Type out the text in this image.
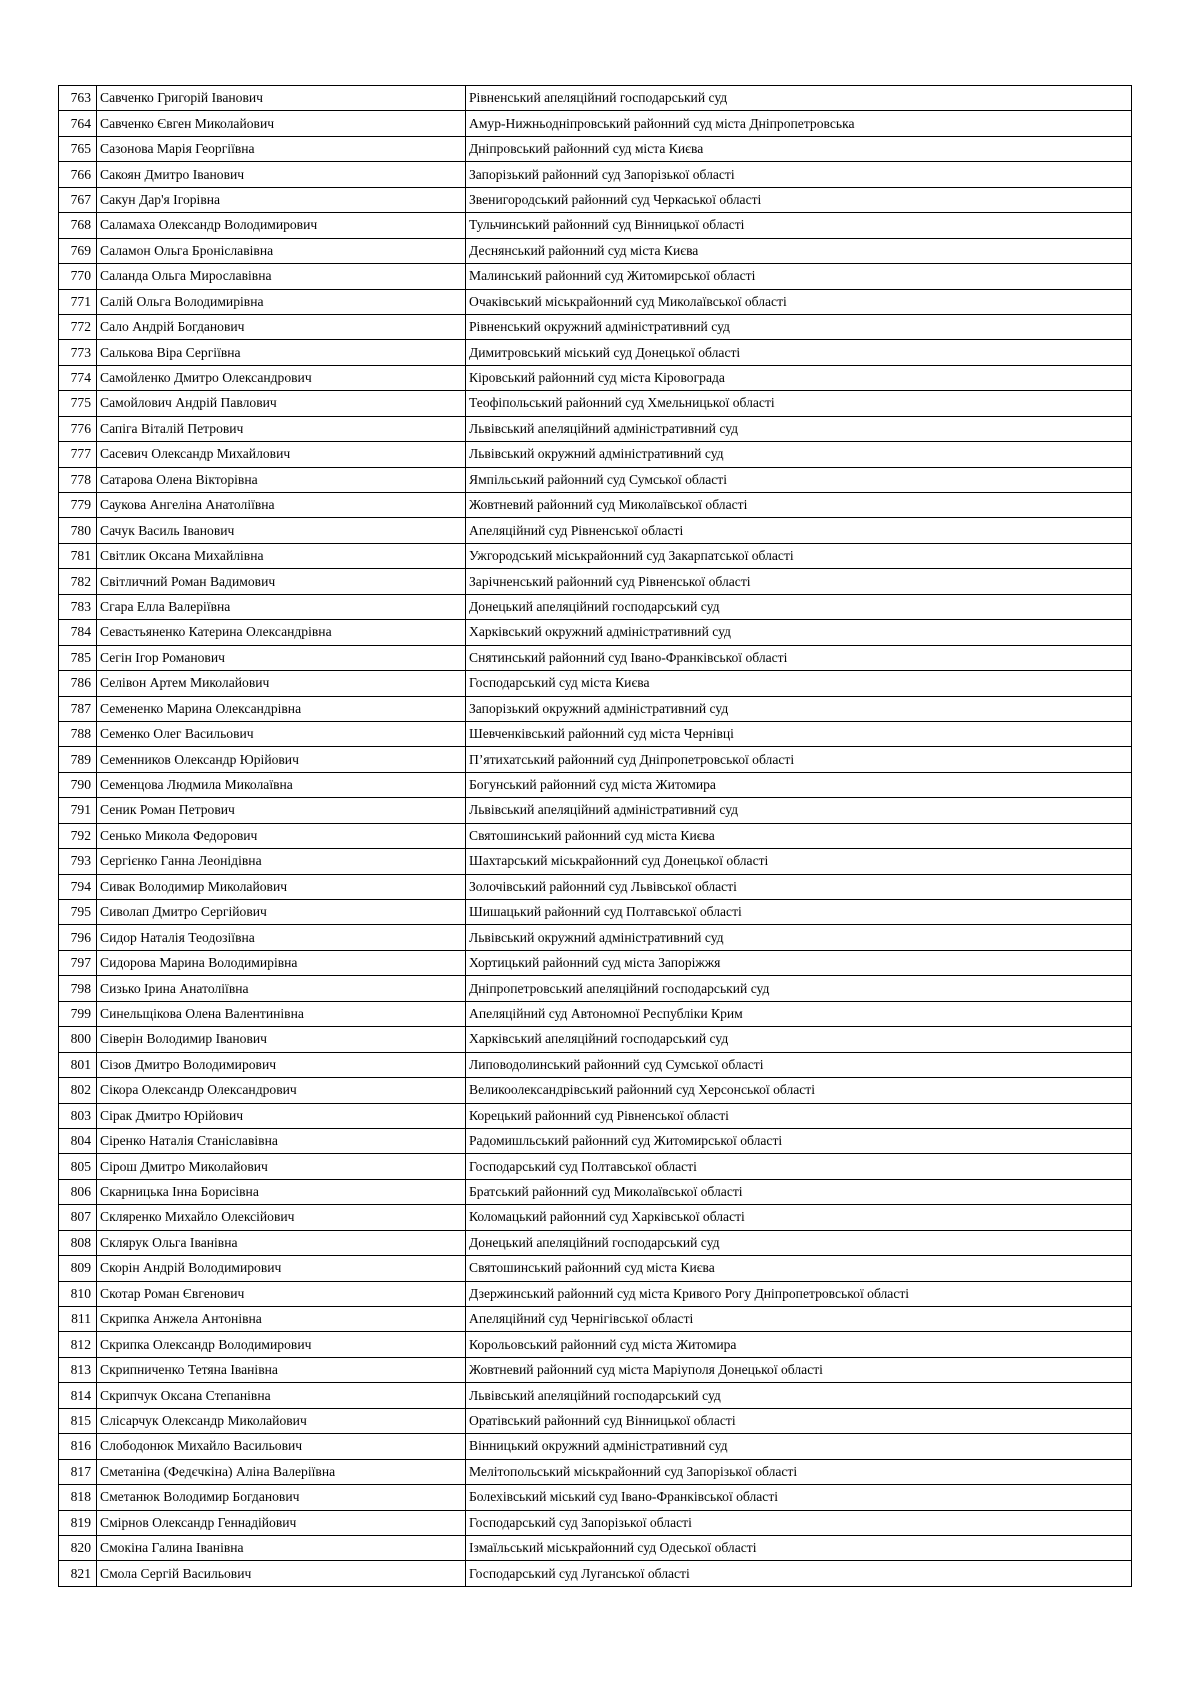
763	Савченко Григорій Іванович	Рівненський апеляційний господарський суд
764	Савченко Євген Миколайович	Амур-Нижньодніпровський районний суд міста Дніпропетровська
765	Сазонова Марія Георгіївна	Дніпровський районний суд міста Києва
766	Сакоян Дмитро Іванович	Запорізький районний суд Запорізької області
767	Сакун Дар'я Ігорівна	Звенигородський районний суд Черкаської області
768	Саламаха Олександр Володимирович	Тульчинський районний суд Вінницької області
769	Саламон Ольга Броніславівна	Деснянський районний суд міста Києва
770	Саланда Ольга Мирославівна	Малинський районний суд Житомирської області
771	Салій Ольга Володимирівна	Очаківський міськрайонний суд Миколаївської області
772	Сало Андрій Богданович	Рівненський окружний адміністративний суд
773	Салькова Віра Сергіївна	Димитровський міський суд Донецької області
774	Самойленко Дмитро Олександрович	Кіровський районний суд міста Кіровограда
775	Самойлович Андрій Павлович	Теофіпольський районний суд Хмельницької області
776	Сапіга Віталій Петрович	Львівський апеляційний адміністративний суд
777	Сасевич Олександр Михайлович	Львівський окружний адміністративний суд
778	Сатарова Олена Вікторівна	Ямпільський районний суд Сумської області
779	Саукова Ангеліна Анатоліївна	Жовтневий районний суд Миколаївської області
780	Сачук Василь Іванович	Апеляційний суд Рівненської області
781	Світлик Оксана Михайлівна	Ужгородський міськрайонний суд Закарпатської області
782	Світличний Роман Вадимович	Зарічненський районний суд Рівненської області
783	Сгара Елла Валеріївна	Донецький апеляційний господарський суд
784	Севастьяненко Катерина Олександрівна	Харківський окружний адміністративний суд
785	Сегін Ігор Романович	Снятинський районний суд Івано-Франківської області
786	Селівон Артем Миколайович	Господарський суд міста Києва
787	Семененко Марина Олександрівна	Запорізький окружний адміністративний суд
788	Семенко Олег Васильович	Шевченківський районний суд міста Чернівці
789	Семенников Олександр Юрійович	П’ятихатський районний суд Дніпропетровської області
790	Семенцова Людмила Миколаївна	Богунський районний суд міста Житомира
791	Сеник Роман Петрович	Львівський апеляційний адміністративний суд
792	Сенько Микола Федорович	Святошинський районний суд міста Києва
793	Сергієнко Ганна Леонідівна	Шахтарський міськрайонний суд Донецької області
794	Сивак Володимир Миколайович	Золочівський районний суд Львівської області
795	Сиволап Дмитро Сергійович	Шишацький районний суд Полтавської області
796	Сидор Наталія Теодозіївна	Львівський окружний адміністративний суд
797	Сидорова Марина Володимирівна	Хортицький районний суд міста Запоріжжя
798	Сизько Ірина Анатоліївна	Дніпропетровський апеляційний господарський суд
799	Синельщікова Олена Валентинівна	Апеляційний суд Автономної Республіки Крим
800	Сіверін Володимир Іванович	Харківський апеляційний господарський суд
801	Сізов Дмитро Володимирович	Липоводолинський районний суд Сумської області
802	Сікора Олександр Олександрович	Великоолександрівський районний суд Херсонської області
803	Сірак Дмитро Юрійович	Корецький районний суд Рівненської області
804	Сіренко Наталія Станіславівна	Радомишльський районний суд Житомирської області
805	Сірош Дмитро Миколайович	Господарський суд Полтавської області
806	Скарницька Інна Борисівна	Братський районний суд Миколаївської області
807	Скляренко Михайло Олексійович	Коломацький районний суд Харківської області
808	Склярук Ольга Іванівна	Донецький апеляційний господарський суд
809	Скорін Андрій Володимирович	Святошинський районний суд міста Києва
810	Скотар Роман Євгенович	Дзержинський районний суд міста Кривого Рогу Дніпропетровської області
811	Скрипка Анжела Антонівна	Апеляційний суд Чернігівської області
812	Скрипка Олександр Володимирович	Корольовський районний суд міста Житомира
813	Скрипниченко Тетяна Іванівна	Жовтневий районний суд міста Маріуполя Донецької області
814	Скрипчук Оксана Степанівна	Львівський апеляційний господарський суд
815	Слісарчук Олександр Миколайович	Оратівський районний суд Вінницької області
816	Слободонюк Михайло Васильович	Вінницький окружний адміністративний суд
817	Сметаніна (Федєчкіна) Аліна Валеріївна	Мелітопольський міськрайонний суд Запорізької області
818	Сметанюк Володимир Богданович	Болехівський міський суд Івано-Франківської області
819	Смірнов Олександр Геннадійович	Господарський суд Запорізької області
820	Смокіна Галина Іванівна	Ізмаїльський міськрайонний суд Одеської області
821	Смола Сергій Васильович	Господарський суд Луганської області
